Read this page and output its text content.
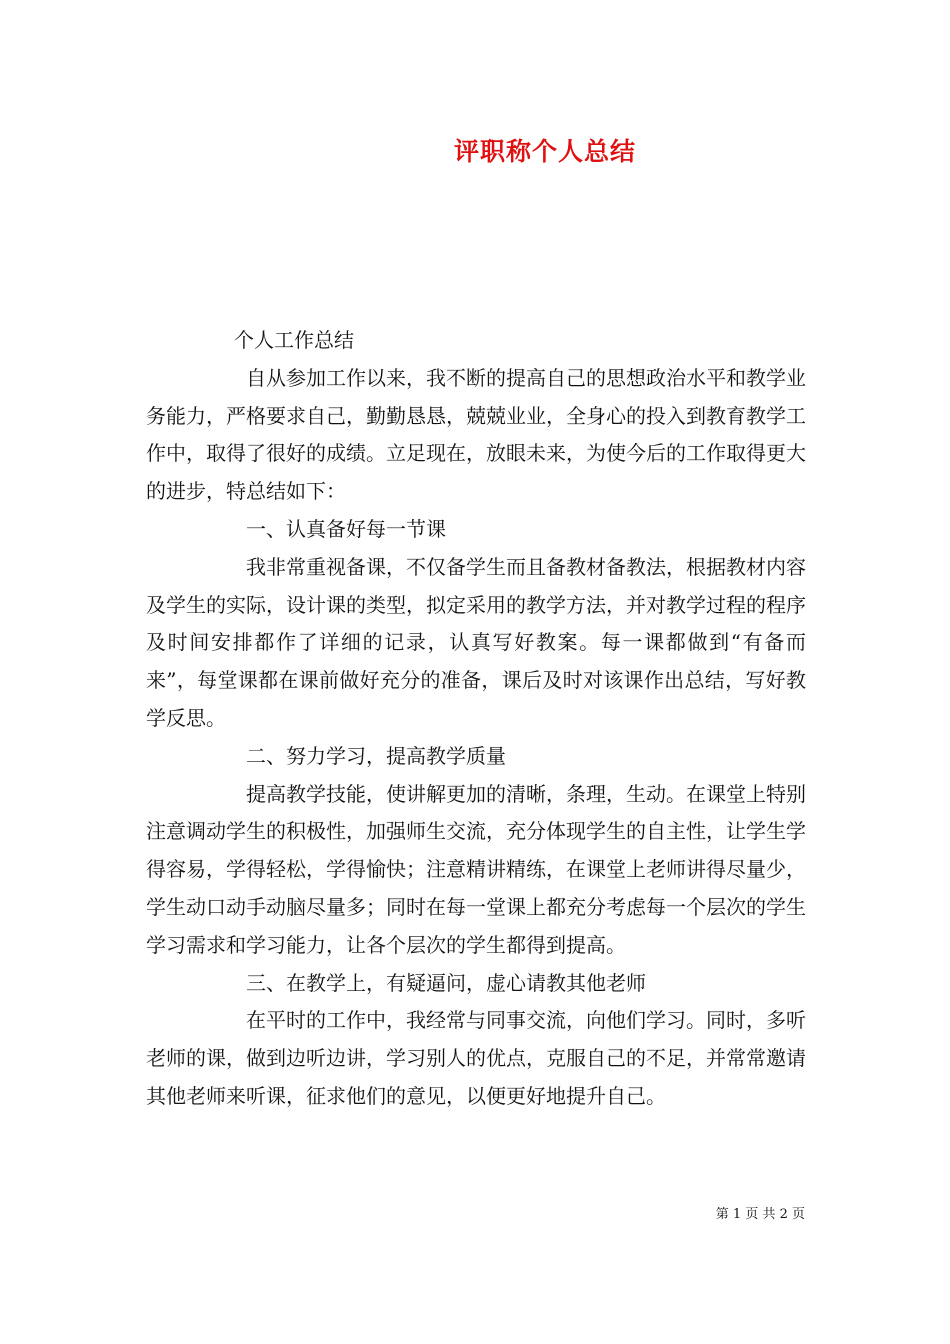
评职称个人总结

个人工作总结

自从参加工作以来，我不断的提高自己的思想政治水平和教学业务能力，严格要求自己，勤勤恳恳，兢兢业业，全身心的投入到教育教学工作中，取得了很好的成绩。立足现在，放眼未来，为使今后的工作取得更大的进步，特总结如下：

一、认真备好每一节课

我非常重视备课，不仅备学生而且备教材备教法，根据教材内容及学生的实际，设计课的类型，拟定采用的教学方法，并对教学过程的程序及时间安排都作了详细的记录，认真写好教案。每一课都做到“有备而来”，每堂课都在课前做好充分的准备，课后及时对该课作出总结，写好教学反思。

二、努力学习，提高教学质量

提高教学技能，使讲解更加的清晰，条理，生动。在课堂上特别注意调动学生的积极性，加强师生交流，充分体现学生的自主性，让学生学得容易，学得轻松，学得愉快；注意精讲精练，在课堂上老师讲得尽量少，学生动口动手动脑尽量多；同时在每一堂课上都充分考虑每一个层次的学生学习需求和学习能力，让各个层次的学生都得到提高。

三、在教学上，有疑逼问，虚心请教其他老师

在平时的工作中，我经常与同事交流，向他们学习。同时，多听老师的课，做到边听边讲，学习别人的优点，克服自己的不足，并常常邀请其他老师来听课，征求他们的意见，以便更好地提升自己。

第 1 页 共 2 页
